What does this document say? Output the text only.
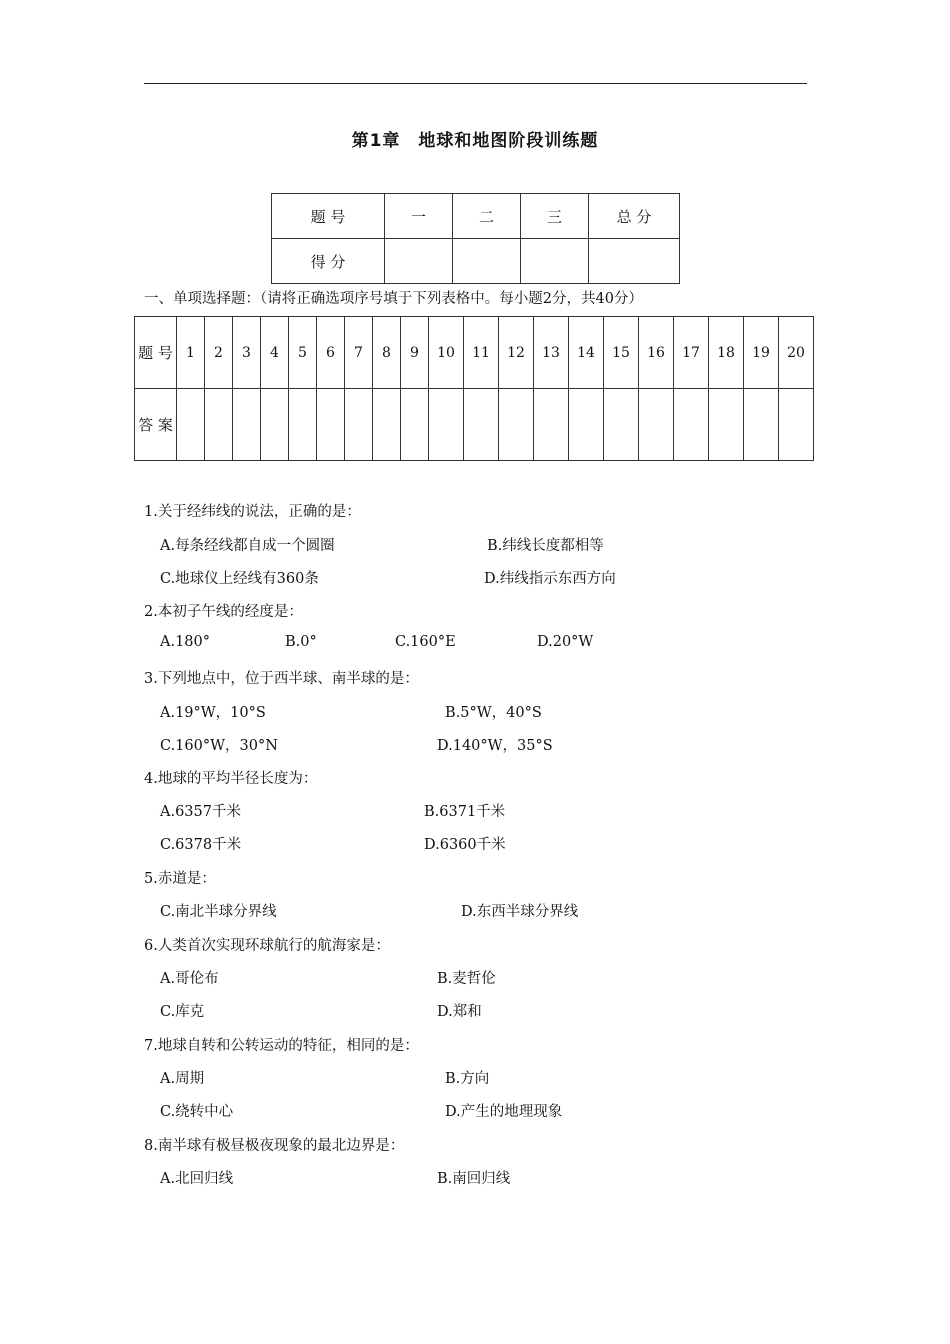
第1章　地球和地图阶段训练题
题 号	一	二	三	总 分
得 分				
一、单项选择题：（请将正确选项序号填于下列表格中。每小题2分，共40分）
题 号	1	2	3	4	5	6	7	8	9	10	11	12	13	14	15	16	17	18	19	20
答 案																				
1.关于经纬线的说法，正确的是：
A.每条经线都自成一个圆圈	B.纬线长度都相等
C.地球仪上经线有360条	D.纬线指示东西方向
2.本初子午线的经度是：
A.180°	B.0°	C.160°E	D.20°W
3.下列地点中，位于西半球、南半球的是：
A.19°W，10°S	B.5°W，40°S
C.160°W，30°N	D.140°W，35°S
4.地球的平均半径长度为：
A.6357千米	B.6371千米
C.6378千米	D.6360千米
5.赤道是：
C.南北半球分界线	D.东西半球分界线
6.人类首次实现环球航行的航海家是：
A.哥伦布	B.麦哲伦
C.库克	D.郑和
7.地球自转和公转运动的特征，相同的是：
A.周期	B.方向
C.绕转中心	D.产生的地理现象
8.南半球有极昼极夜现象的最北边界是：
A.北回归线	B.南回归线
